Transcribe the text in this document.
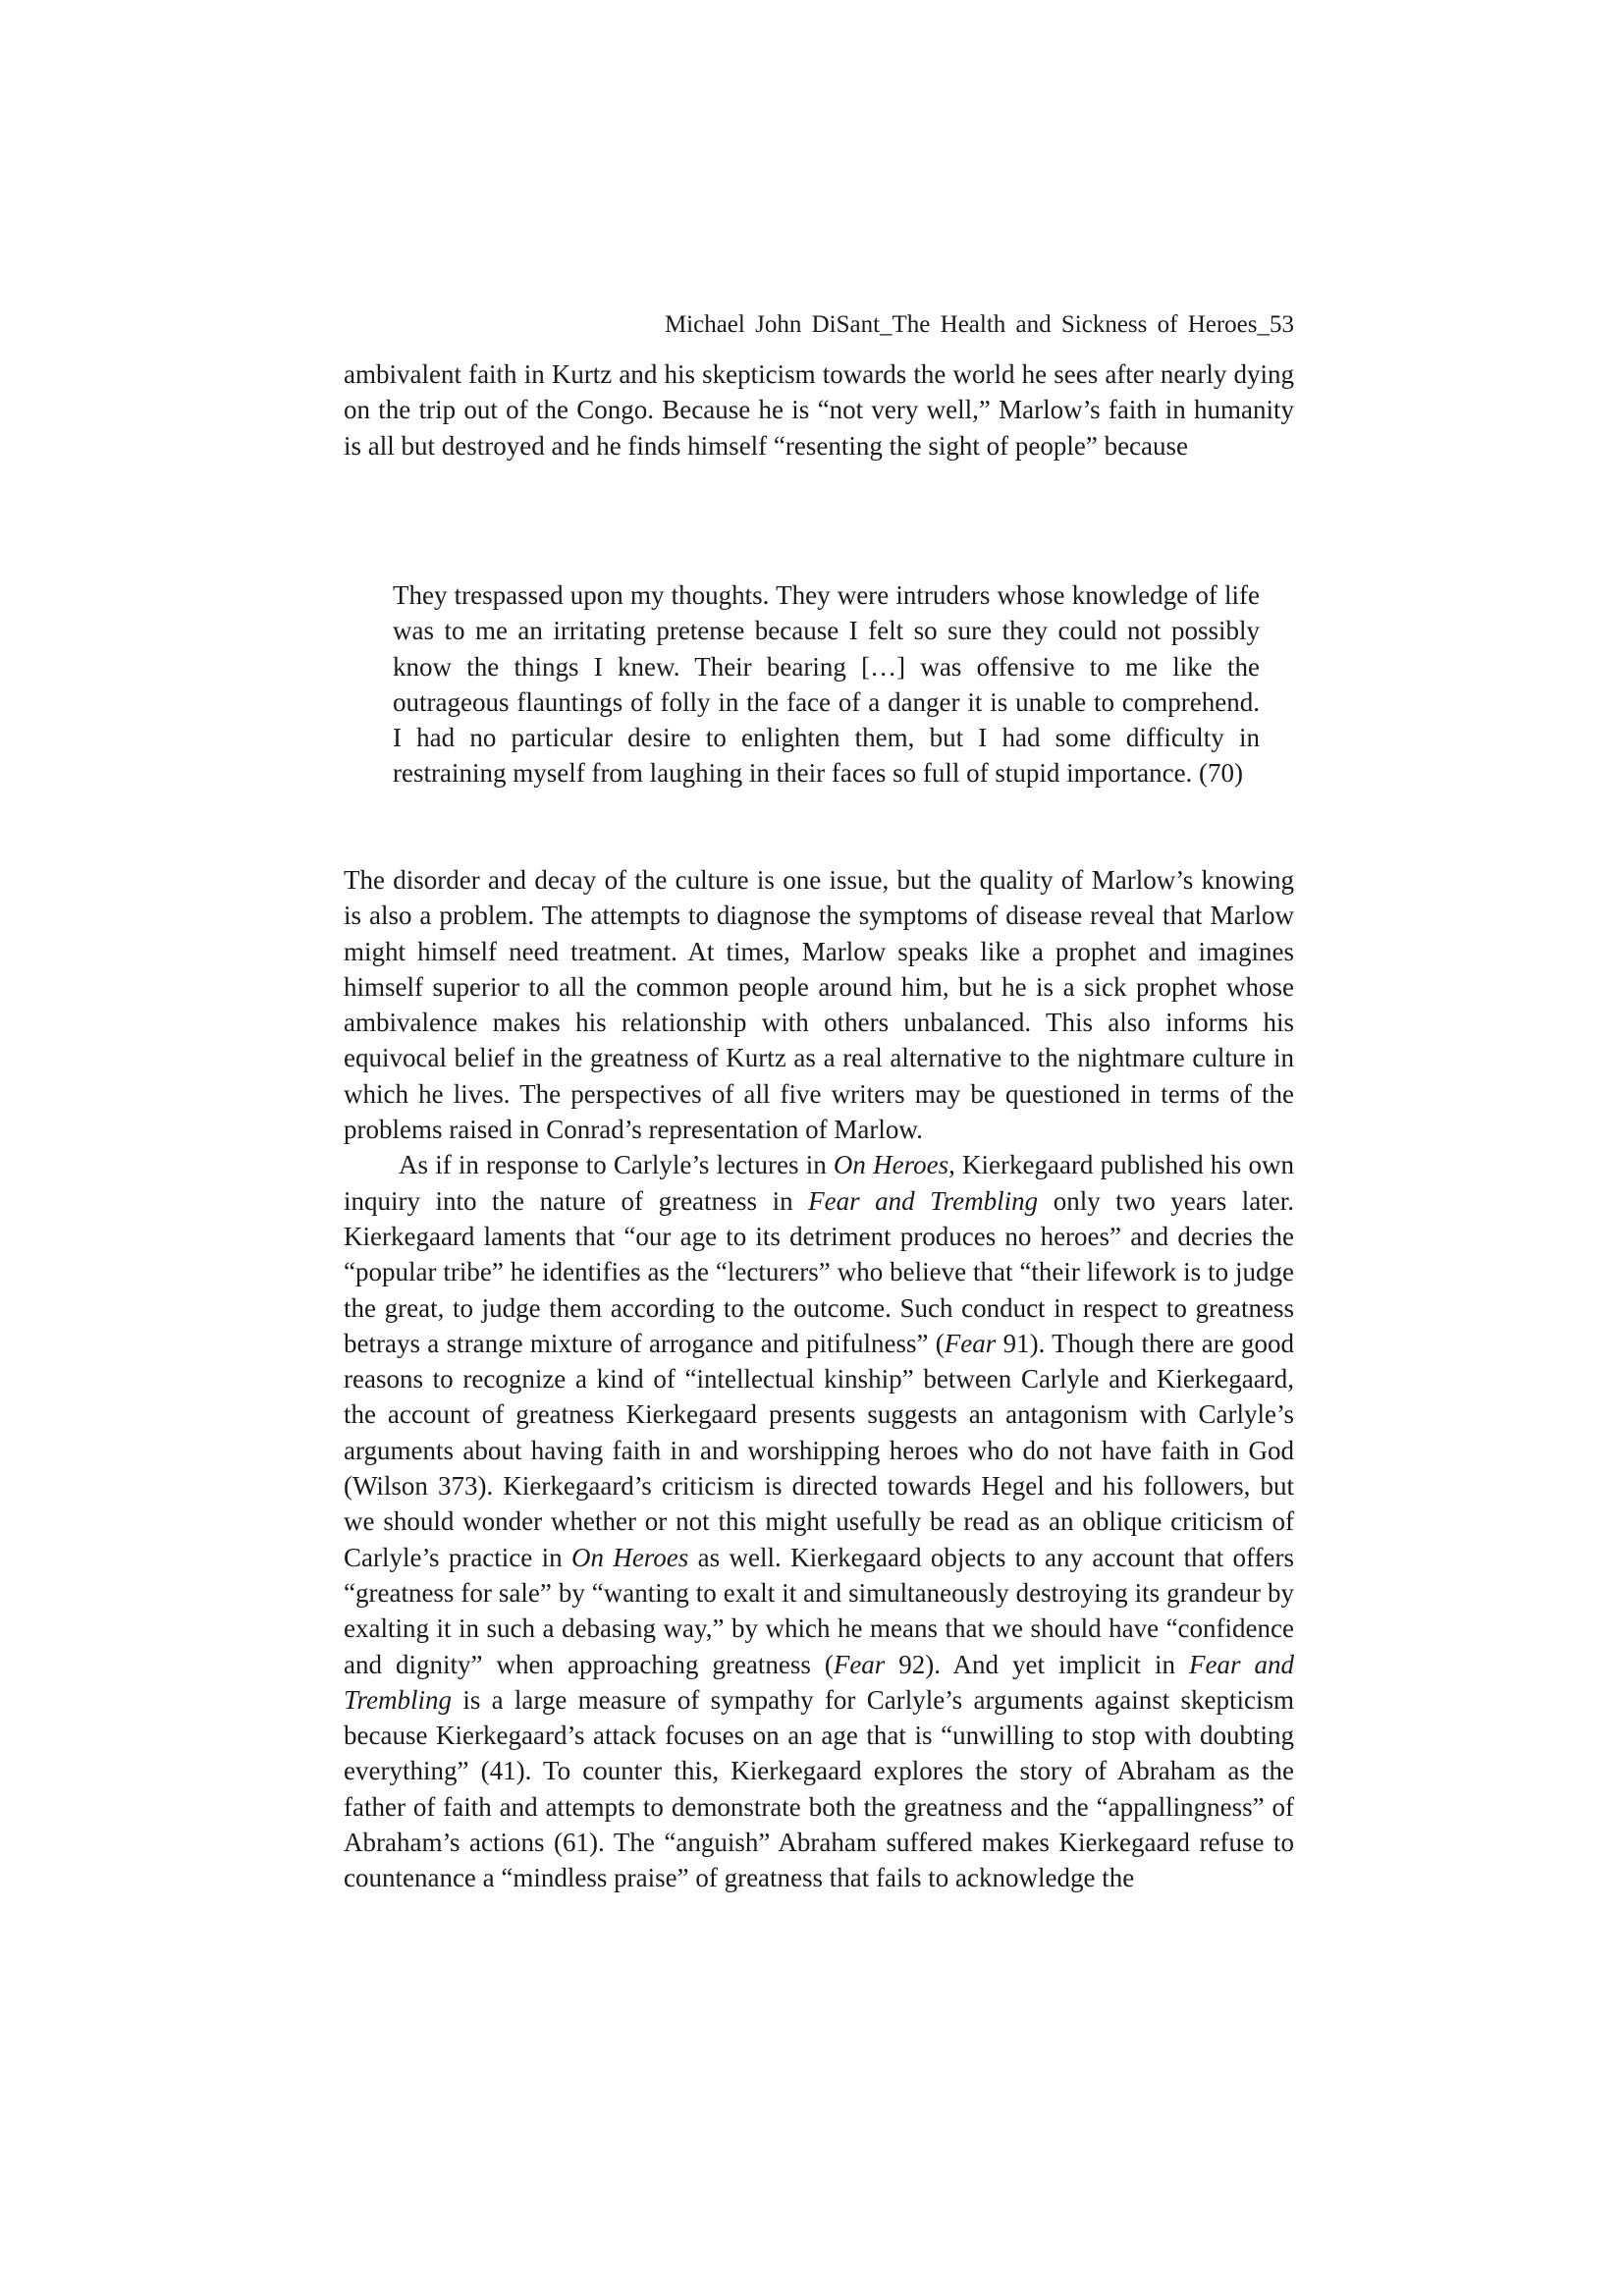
Michael John DiSant_The Health and Sickness of Heroes_53

ambivalent faith in Kurtz and his skepticism towards the world he sees after nearly dying on the trip out of the Congo. Because he is “not very well,” Marlow’s faith in humanity is all but destroyed and he finds himself “resenting the sight of people” because

They trespassed upon my thoughts. They were intruders whose knowledge of life was to me an irritating pretense because I felt so sure they could not possibly know the things I knew. Their bearing […] was offensive to me like the outrageous flauntings of folly in the face of a danger it is unable to comprehend. I had no particular desire to enlighten them, but I had some difficulty in restraining myself from laughing in their faces so full of stupid importance. (70)

The disorder and decay of the culture is one issue, but the quality of Marlow’s knowing is also a problem. The attempts to diagnose the symptoms of disease reveal that Marlow might himself need treatment. At times, Marlow speaks like a prophet and imagines himself superior to all the common people around him, but he is a sick prophet whose ambivalence makes his relationship with others unbalanced. This also informs his equivocal belief in the greatness of Kurtz as a real alternative to the nightmare culture in which he lives. The perspectives of all five writers may be questioned in terms of the problems raised in Conrad’s representation of Marlow.

As if in response to Carlyle’s lectures in On Heroes, Kierkegaard published his own inquiry into the nature of greatness in Fear and Trembling only two years later. Kierkegaard laments that “our age to its detriment produces no heroes” and decries the “popular tribe” he identifies as the “lecturers” who believe that “their lifework is to judge the great, to judge them according to the outcome. Such conduct in respect to greatness betrays a strange mixture of arrogance and pitifulness” (Fear 91). Though there are good reasons to recognize a kind of “intellectual kinship” between Carlyle and Kierkegaard, the account of greatness Kierkegaard presents suggests an antagonism with Carlyle’s arguments about having faith in and worshipping heroes who do not have faith in God (Wilson 373). Kierkegaard’s criticism is directed towards Hegel and his followers, but we should wonder whether or not this might usefully be read as an oblique criticism of Carlyle’s practice in On Heroes as well. Kierkegaard objects to any account that offers “greatness for sale” by “wanting to exalt it and simultaneously destroying its grandeur by exalting it in such a debasing way,” by which he means that we should have “confidence and dignity” when approaching greatness (Fear 92). And yet implicit in Fear and Trembling is a large measure of sympathy for Carlyle’s arguments against skepticism because Kierkegaard’s attack focuses on an age that is “unwilling to stop with doubting everything” (41). To counter this, Kierkegaard explores the story of Abraham as the father of faith and attempts to demonstrate both the greatness and the “appallingness” of Abraham’s actions (61). The “anguish” Abraham suffered makes Kierkegaard refuse to countenance a “mindless praise” of greatness that fails to acknowledge the
